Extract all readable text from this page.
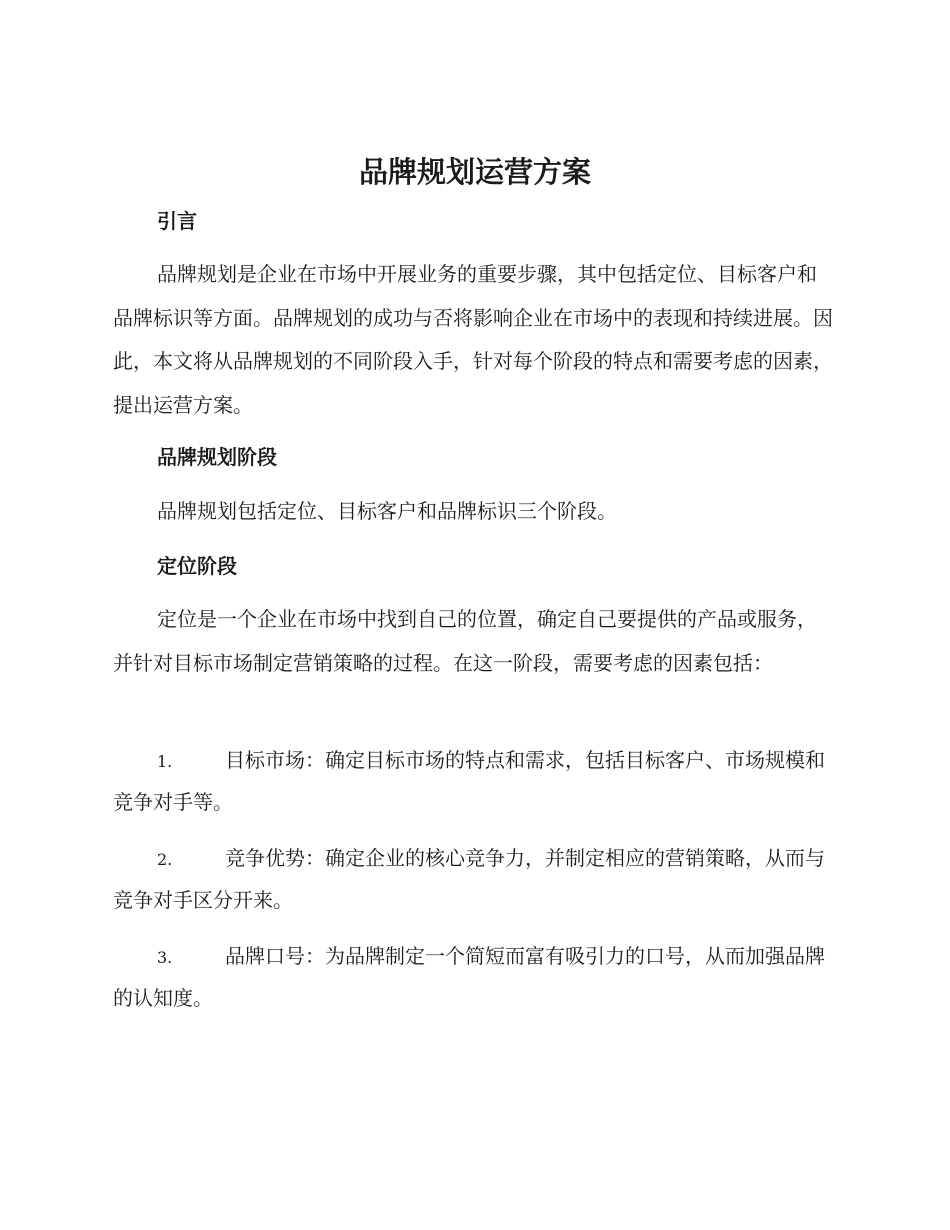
品牌规划运营方案
引言

品牌规划是企业在市场中开展业务的重要步骤，其中包括定位、目标客户和品牌标识等方面。品牌规划的成功与否将影响企业在市场中的表现和持续进展。因此，本文将从品牌规划的不同阶段入手，针对每个阶段的特点和需要考虑的因素，提出运营方案。

品牌规划阶段

品牌规划包括定位、目标客户和品牌标识三个阶段。

定位阶段

定位是一个企业在市场中找到自己的位置，确定自己要提供的产品或服务，并针对目标市场制定营销策略的过程。在这一阶段，需要考虑的因素包括：

1.	目标市场：确定目标市场的特点和需求，包括目标客户、市场规模和竞争对手等。

2.	竞争优势：确定企业的核心竞争力，并制定相应的营销策略，从而与竞争对手区分开来。

3.	品牌口号：为品牌制定一个简短而富有吸引力的口号，从而加强品牌的认知度。
